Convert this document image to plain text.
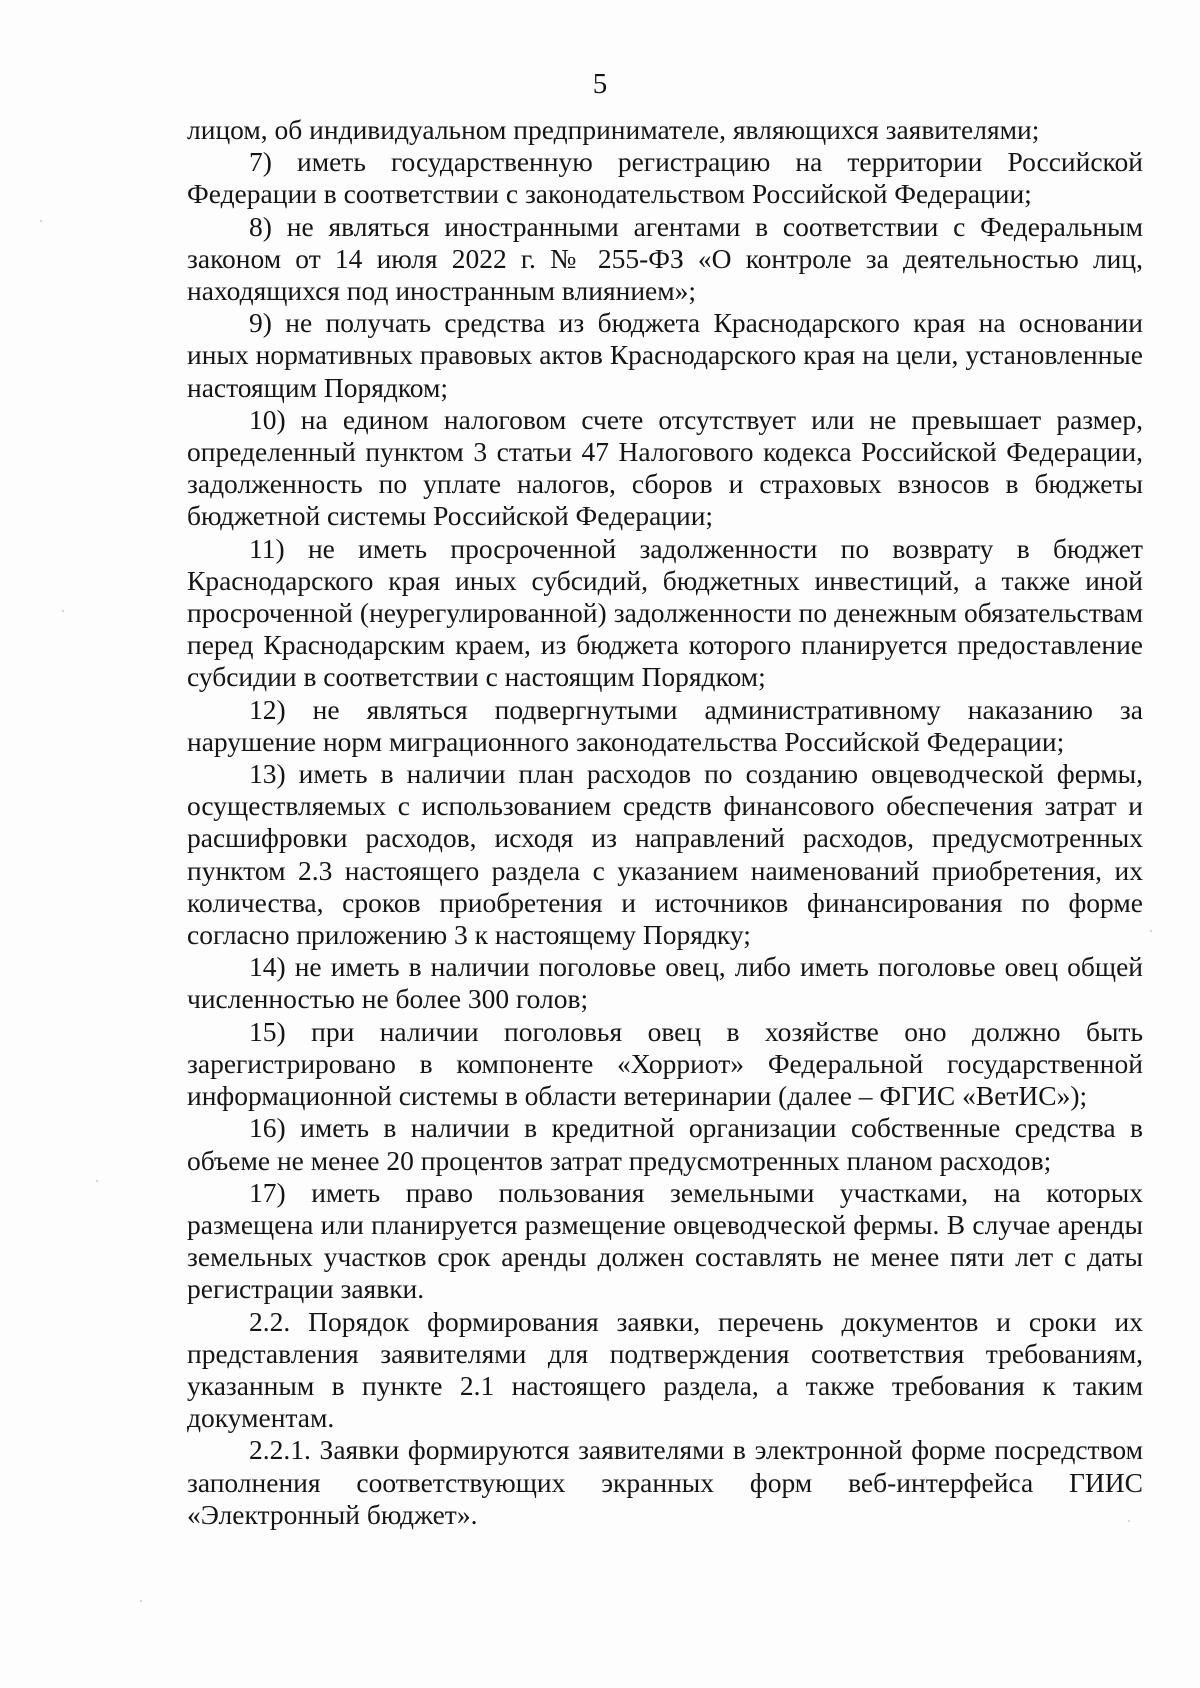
5

лицом, об индивидуальном предпринимателе, являющихся заявителями;

7) иметь государственную регистрацию на территории Российской Федерации в соответствии с законодательством Российской Федерации;

8) не являться иностранными агентами в соответствии с Федеральным законом от 14 июля 2022 г. № 255-ФЗ «О контроле за деятельностью лиц, находящихся под иностранным влиянием»;

9) не получать средства из бюджета Краснодарского края на основании иных нормативных правовых актов Краснодарского края на цели, установленные настоящим Порядком;

10) на едином налоговом счете отсутствует или не превышает размер, определенный пунктом 3 статьи 47 Налогового кодекса Российской Федерации, задолженность по уплате налогов, сборов и страховых взносов в бюджеты бюджетной системы Российской Федерации;

11) не иметь просроченной задолженности по возврату в бюджет Краснодарского края иных субсидий, бюджетных инвестиций, а также иной просроченной (неурегулированной) задолженности по денежным обязательствам перед Краснодарским краем, из бюджета которого планируется предоставление субсидии в соответствии с настоящим Порядком;

12) не являться подвергнутыми административному наказанию за нарушение норм миграционного законодательства Российской Федерации;

13) иметь в наличии план расходов по созданию овцеводческой фермы, осуществляемых с использованием средств финансового обеспечения затрат и расшифровки расходов, исходя из направлений расходов, предусмотренных пунктом 2.3 настоящего раздела с указанием наименований приобретения, их количества, сроков приобретения и источников финансирования по форме согласно приложению 3 к настоящему Порядку;

14) не иметь в наличии поголовье овец, либо иметь поголовье овец общей численностью не более 300 голов;

15) при наличии поголовья овец в хозяйстве оно должно быть зарегистрировано в компоненте «Хорриот» Федеральной государственной информационной системы в области ветеринарии (далее – ФГИС «ВетИС»);

16) иметь в наличии в кредитной организации собственные средства в объеме не менее 20 процентов затрат предусмотренных планом расходов;

17) иметь право пользования земельными участками, на которых размещена или планируется размещение овцеводческой фермы. В случае аренды земельных участков срок аренды должен составлять не менее пяти лет с даты регистрации заявки.

2.2. Порядок формирования заявки, перечень документов и сроки их представления заявителями для подтверждения соответствия требованиям, указанным в пункте 2.1 настоящего раздела, а также требования к таким документам.

2.2.1. Заявки формируются заявителями в электронной форме посредством заполнения соответствующих экранных форм веб-интерфейса ГИИС «Электронный бюджет».
